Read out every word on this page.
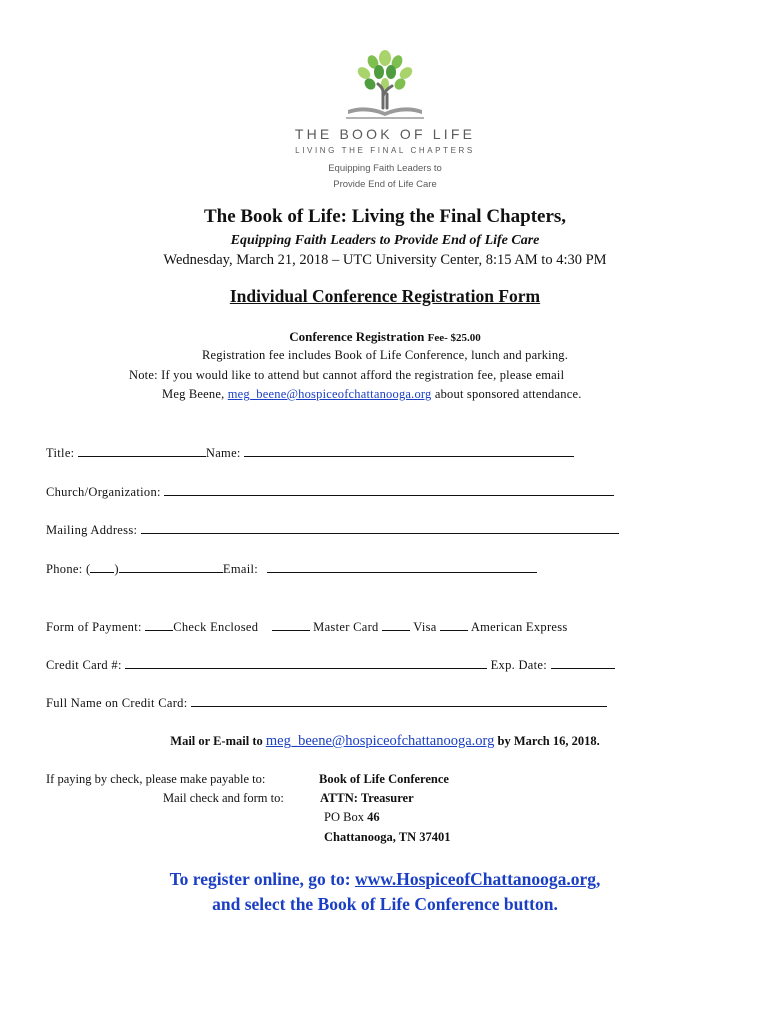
THE BOOK OF LIFE
LIVING THE FINAL CHAPTERS
Equipping Faith Leaders to
Provide End of Life Care
The Book of Life: Living the Final Chapters,
Equipping Faith Leaders to Provide End of Life Care
Wednesday, March 21, 2018 – UTC University Center, 8:15 AM to 4:30 PM
Individual Conference Registration Form
Conference Registration Fee- $25.00
Registration fee includes Book of Life Conference, lunch and parking.
Note: If you would like to attend but cannot afford the registration fee, please email
Meg Beene, meg_beene@hospiceofchattanooga.org about sponsored attendance.
Title:	Name:
Church/Organization:
Mailing Address:
Phone: ( )	Email:
Form of Payment:	Check Enclosed	Master Card	Visa	American Express
Credit Card #:	Exp. Date:
Full Name on Credit Card:
Mail or E-mail to meg_beene@hospiceofchattanooga.org by March 16, 2018.
If paying by check, please make payable to:	Book of Life Conference
Mail check and form to:	ATTN: Treasurer
PO Box 46
Chattanooga, TN 37401
To register online, go to: www.HospiceofChattanooga.org,
and select the Book of Life Conference button.
